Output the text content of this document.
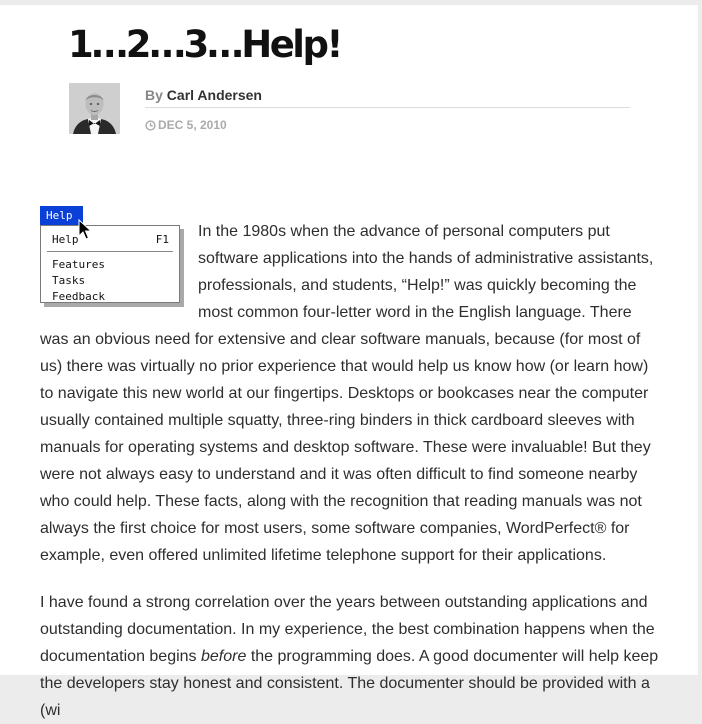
1…2…3…Help!
By Carl Andersen
DEC 5, 2010
Help
Help	F1
Features
Tasks
Feedback

In the 1980s when the advance of personal computers put software applications into the hands of administrative assistants, professionals, and students, “Help!” was quickly becoming the most common four-letter word in the English language. There was an obvious need for extensive and clear software manuals, because (for most of us) there was virtually no prior experience that would help us know how (or learn how) to navigate this new world at our fingertips. Desktops or bookcases near the computer usually contained multiple squatty, three-ring binders in thick cardboard sleeves with manuals for operating systems and desktop software. These were invaluable! But they were not always easy to understand and it was often difficult to find someone nearby who could help. These facts, along with the recognition that reading manuals was not always the first choice for most users, some software companies, WordPerfect® for example, even offered unlimited lifetime telephone support for their applications.

I have found a strong correlation over the years between outstanding applications and outstanding documentation. In my experience, the best combination happens when the documentation begins before the programming does. A good documenter will help keep the developers stay honest and consistent. The documenter should be provided with a (wi
